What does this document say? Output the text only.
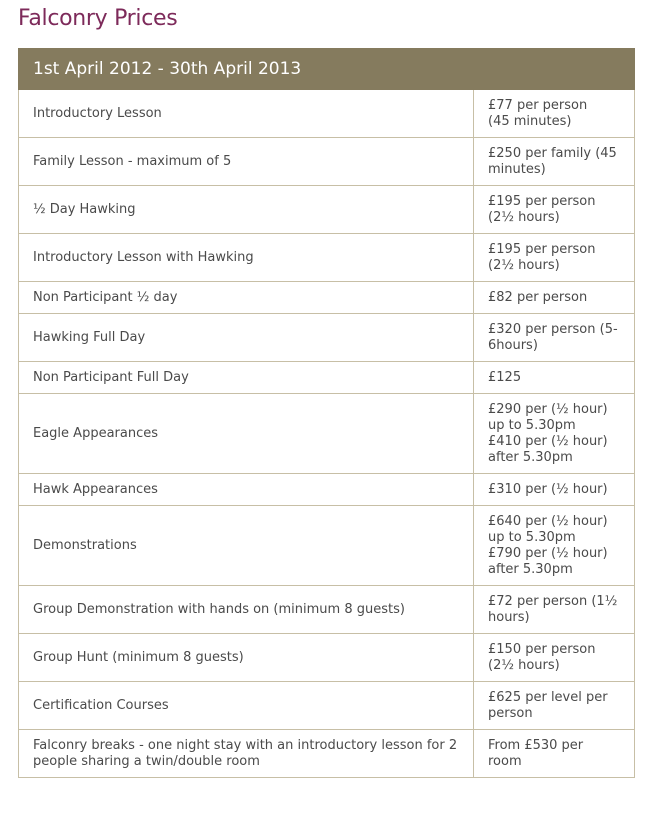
Falconry Prices
1st April 2012 - 30th April 2013	
Introductory Lesson	£77 per person
(45 minutes)
Family Lesson - maximum of 5	£250 per family (45
minutes)
½ Day Hawking	£195 per person
(2½ hours)
Introductory Lesson with Hawking	£195 per person
(2½ hours)
Non Participant ½ day	£82 per person
Hawking Full Day	£320 per person (5-
6hours)
Non Participant Full Day	£125
Eagle Appearances	£290 per (½ hour)
up to 5.30pm
£410 per (½ hour)
after 5.30pm
Hawk Appearances	£310 per (½ hour)
Demonstrations	£640 per (½ hour)
up to 5.30pm
£790 per (½ hour)
after 5.30pm
Group Demonstration with hands on (minimum 8 guests)	£72 per person (1½
hours)
Group Hunt (minimum 8 guests)	£150 per person
(2½ hours)
Certification Courses	£625 per level per
person
Falconry breaks - one night stay with an introductory lesson for 2
people sharing a twin/double room	From £530 per room
